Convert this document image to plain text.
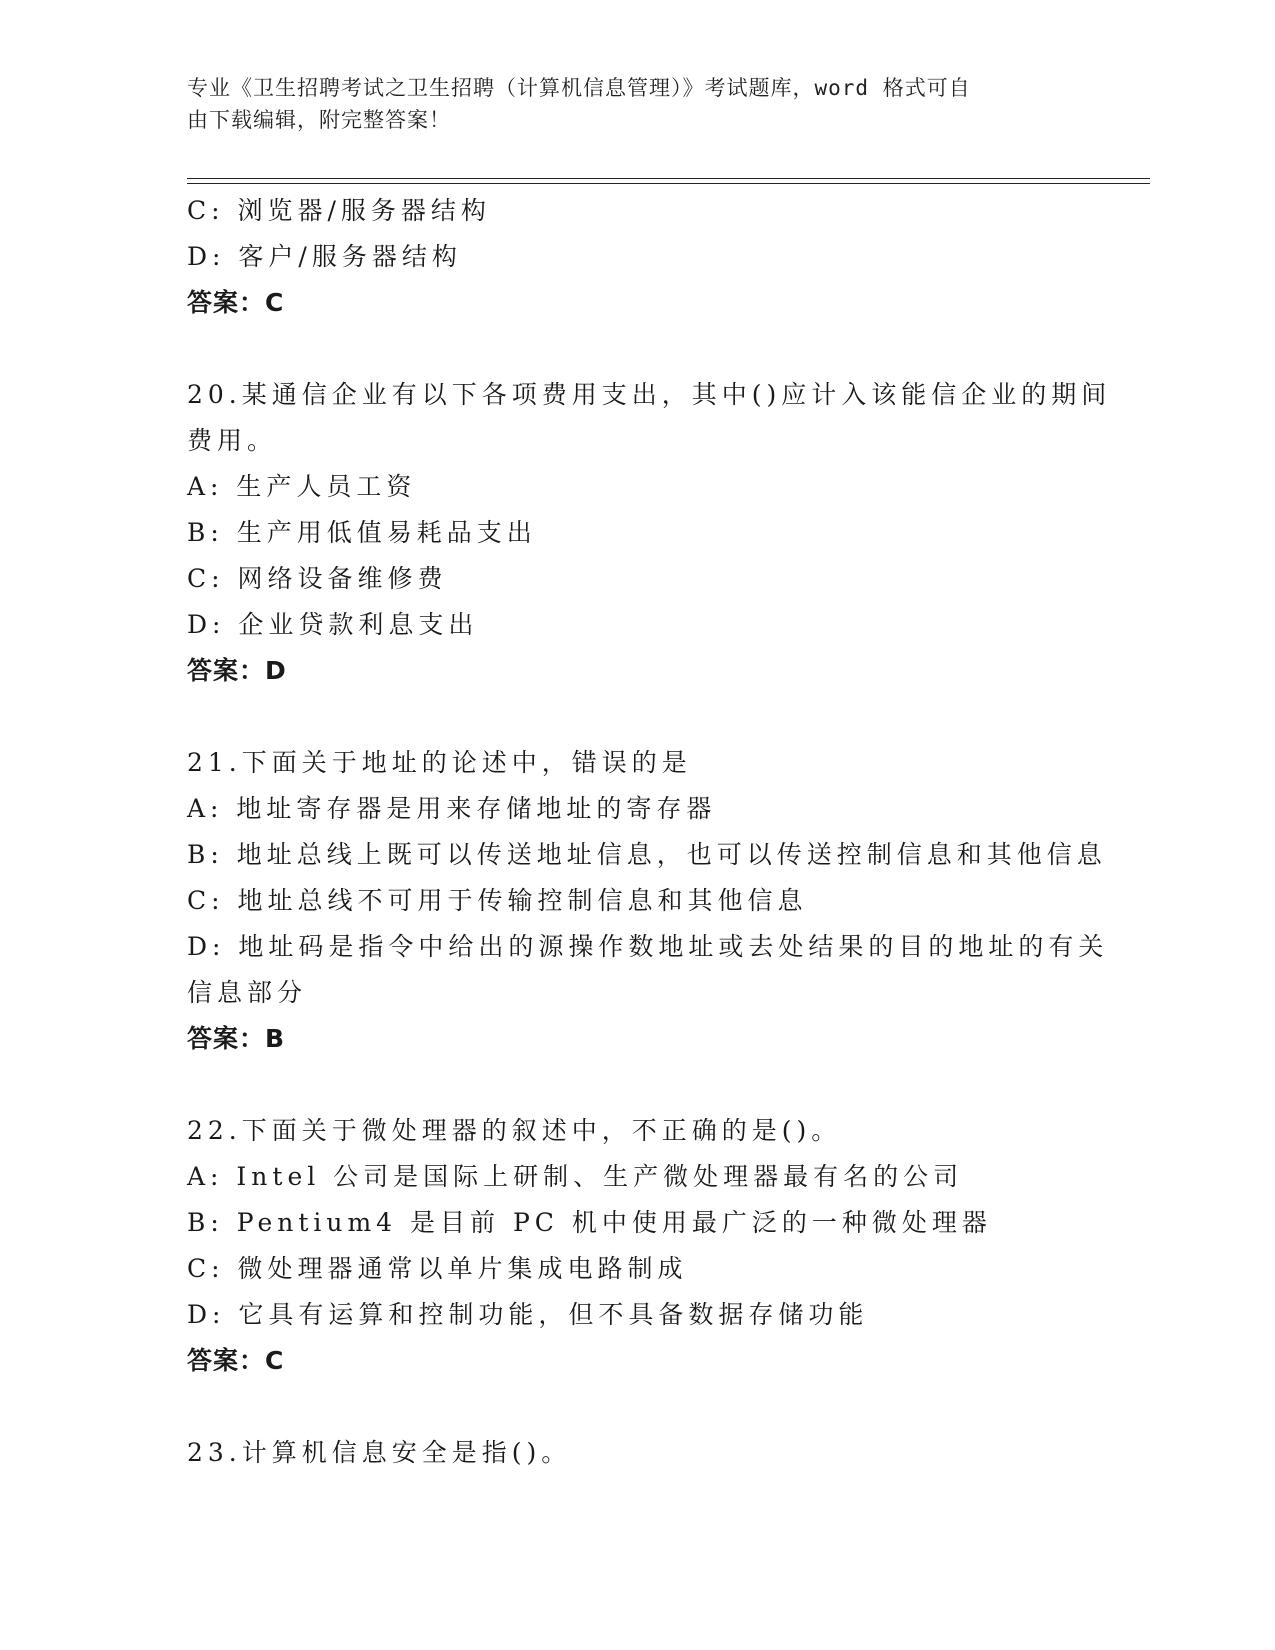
专业《卫生招聘考试之卫生招聘（计算机信息管理）》考试题库，word 格式可自
由下载编辑，附完整答案！
C: 浏览器/服务器结构
D: 客户/服务器结构
答案：C
20.某通信企业有以下各项费用支出，其中()应计入该能信企业的期间
费用。
A: 生产人员工资
B: 生产用低值易耗品支出
C: 网络设备维修费
D: 企业贷款利息支出
答案：D
21.下面关于地址的论述中，错误的是
A: 地址寄存器是用来存储地址的寄存器
B: 地址总线上既可以传送地址信息，也可以传送控制信息和其他信息
C: 地址总线不可用于传输控制信息和其他信息
D: 地址码是指令中给出的源操作数地址或去处结果的目的地址的有关
信息部分
答案：B
22.下面关于微处理器的叙述中，不正确的是()。
A: Intel 公司是国际上研制、生产微处理器最有名的公司
B: Pentium4 是目前 PC 机中使用最广泛的一种微处理器
C: 微处理器通常以单片集成电路制成
D: 它具有运算和控制功能，但不具备数据存储功能
答案：C
23.计算机信息安全是指()。
